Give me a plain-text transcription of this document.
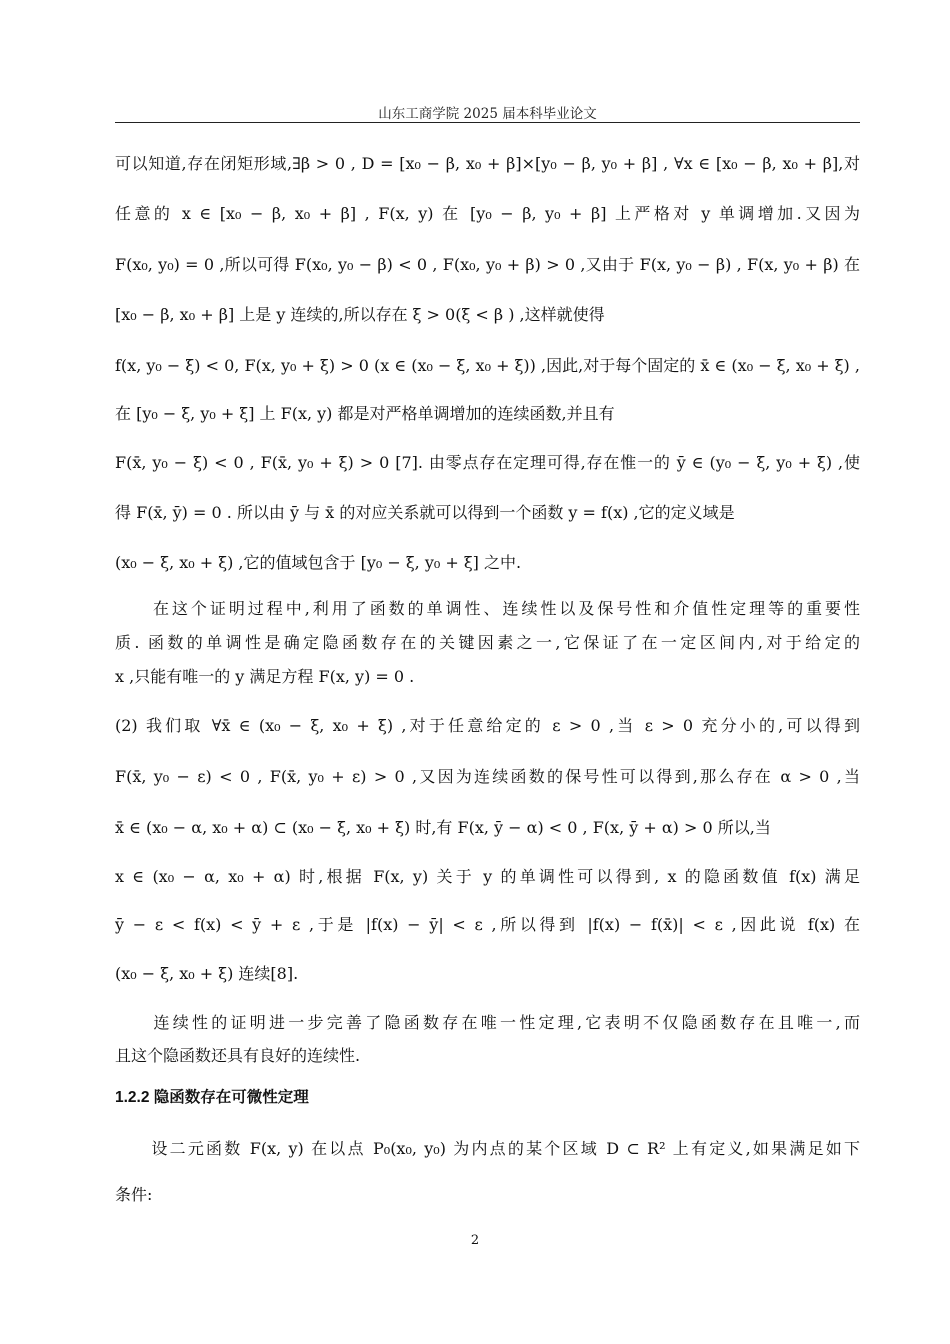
山东工商学院 2025 届本科毕业论文
可以知道,存在闭矩形域,∃β > 0 , D = [x₀ − β, x₀ + β]×[y₀ − β, y₀ + β] , ∀x ∈ [x₀ − β, x₀ + β],对
任意的 x ∈ [x₀ − β, x₀ + β] , F(x, y) 在 [y₀ − β, y₀ + β] 上严格对 y 单调增加.又因为
F(x₀, y₀) = 0 ,所以可得 F(x₀, y₀ − β) < 0 , F(x₀, y₀ + β) > 0 ,又由于 F(x, y₀ − β) , F(x, y₀ + β) 在
[x₀ − β, x₀ + β] 上是 y 连续的,所以存在 ξ > 0(ξ < β ) ,这样就使得
f(x, y₀ − ξ) < 0, F(x, y₀ + ξ) > 0 (x ∈ (x₀ − ξ, x₀ + ξ)) ,因此,对于每个固定的 x̄ ∈ (x₀ − ξ, x₀ + ξ) ,
在 [y₀ − ξ, y₀ + ξ] 上 F(x, y) 都是对严格单调增加的连续函数,并且有
F(x̄, y₀ − ξ) < 0 , F(x̄, y₀ + ξ) > 0 [7]. 由零点存在定理可得,存在惟一的 ȳ ∈ (y₀ − ξ, y₀ + ξ) ,使
得 F(x̄, ȳ) = 0 . 所以由 ȳ 与 x̄ 的对应关系就可以得到一个函数 y = f(x) ,它的定义域是
(x₀ − ξ, x₀ + ξ) ,它的值域包含于 [y₀ − ξ, y₀ + ξ] 之中.
　　在这个证明过程中,利用了函数的单调性、连续性以及保号性和介值性定理等的重要性
质. 函数的单调性是确定隐函数存在的关键因素之一,它保证了在一定区间内,对于给定的
x ,只能有唯一的 y 满足方程 F(x, y) = 0 .
(2) 我们取 ∀x̄ ∈ (x₀ − ξ, x₀ + ξ) ,对于任意给定的 ε > 0 ,当 ε > 0 充分小的,可以得到
F(x̄, y₀ − ε) < 0 , F(x̄, y₀ + ε) > 0 ,又因为连续函数的保号性可以得到,那么存在 α > 0 ,当
x̄ ∈ (x₀ − α, x₀ + α) ⊂ (x₀ − ξ, x₀ + ξ) 时,有 F(x, ȳ − α) < 0 , F(x, ȳ + α) > 0 所以,当
x ∈ (x₀ − α, x₀ + α) 时,根据 F(x, y) 关于 y 的单调性可以得到, x 的隐函数值 f(x) 满足
ȳ − ε < f(x) < ȳ + ε ,于是 |f(x) − ȳ| < ε ,所以得到 |f(x) − f(x̄)| < ε ,因此说 f(x) 在
(x₀ − ξ, x₀ + ξ) 连续[8].
　　连续性的证明进一步完善了隐函数存在唯一性定理,它表明不仅隐函数存在且唯一,而
且这个隐函数还具有良好的连续性.
1.2.2 隐函数存在可微性定理
　　设二元函数 F(x, y) 在以点 P₀(x₀, y₀) 为内点的某个区域 D ⊂ R² 上有定义,如果满足如下
条件:
2
